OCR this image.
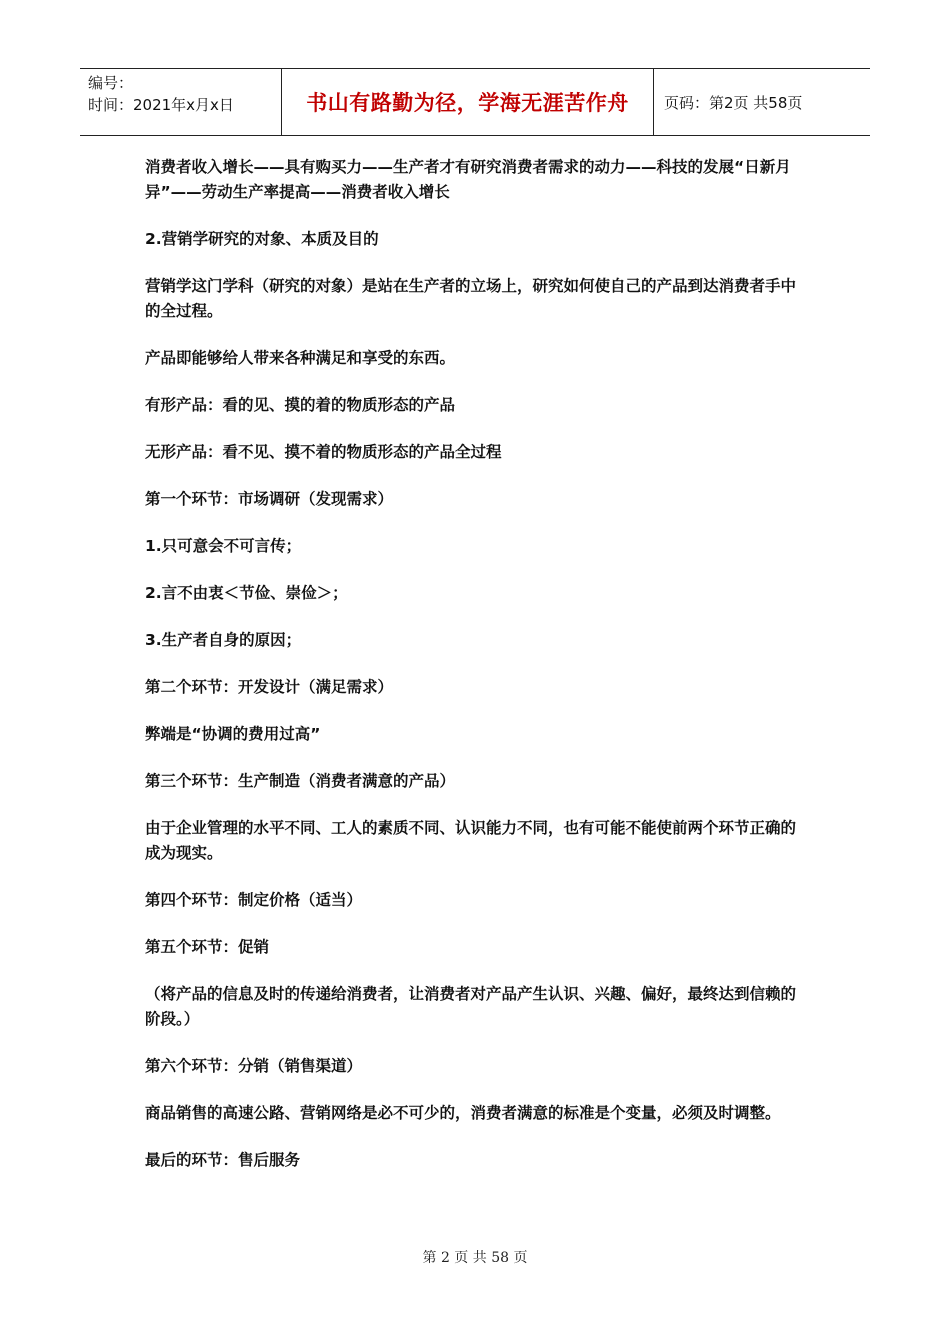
编号：
时间：2021年x月x日	书山有路勤为径，学海无涯苦作舟 页码：第2页 共58页

消费者收入增长——具有购买力——生产者才有研究消费者需求的动力——科技的发展“日新月异”——劳动生产率提高——消费者收入增长

2.营销学研究的对象、本质及目的

营销学这门学科（研究的对象）是站在生产者的立场上，研究如何使自己的产品到达消费者手中的全过程。

产品即能够给人带来各种满足和享受的东西。

有形产品：看的见、摸的着的物质形态的产品

无形产品：看不见、摸不着的物质形态的产品全过程

第一个环节：市场调研（发现需求）

1.只可意会不可言传；

2.言不由衷＜节俭、崇俭＞；

3.生产者自身的原因；

第二个环节：开发设计（满足需求）

弊端是“协调的费用过高”

第三个环节：生产制造（消费者满意的产品）

由于企业管理的水平不同、工人的素质不同、认识能力不同，也有可能不能使前两个环节正确的成为现实。

第四个环节：制定价格（适当）

第五个环节：促销

（将产品的信息及时的传递给消费者，让消费者对产品产生认识、兴趣、偏好，最终达到信赖的阶段。）

第六个环节：分销（销售渠道）

商品销售的高速公路、营销网络是必不可少的，消费者满意的标准是个变量，必须及时调整。

最后的环节：售后服务

第 2 页 共 58 页
